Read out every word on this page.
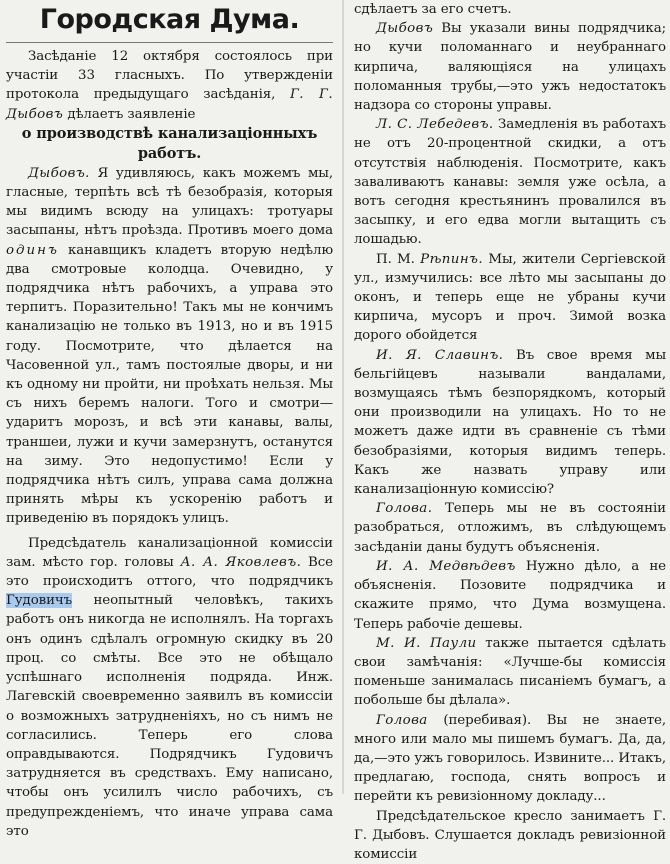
Городская Дума.

Засѣданіе 12 октября состоялось при участіи 33 гласныхъ. По утвержденіи протокола предыдущаго засѣданія, Г. Г. Дыбовъ дѣлаетъ заявленіе

о производствѣ канализаціонныхъ работъ.

Дыбовъ. Я удивляюсь, какъ можемъ мы, гласные, терпѣть всѣ тѣ безобразія, которыя мы видимъ всюду на улицахъ: тротуары засыпаны, нѣтъ проѣзда. Противъ моего дома одинъ канавщикъ кладетъ вторую недѣлю два смотровые колодца. Очевидно, у подрядчика нѣтъ рабочихъ, а управа это терпитъ. Поразительно! Такъ мы не кончимъ канализацію не только въ 1913, но и въ 1915 году. Посмотрите, что дѣлается на Часовенной ул., тамъ постоялые дворы, и ни къ одному ни пройти, ни проѣхать нельзя. Мы съ нихъ беремъ налоги. Того и смотри—ударитъ морозъ, и всѣ эти канавы, валы, траншеи, лужи и кучи замерзнутъ, останутся на зиму. Это недопустимо! Если у подрядчика нѣтъ силъ, управа сама должна принять мѣры къ ускоренію работъ и приведенію въ порядокъ улицъ.

Предсѣдатель канализаціонной комиссіи зам. мѣсто гор. головы А. А. Яковлевъ. Все это происходитъ оттого, что подрядчикъ Гудовичъ неопытный человѣкъ, такихъ работъ онъ никогда не исполнялъ. На торгахъ онъ одинъ сдѣлалъ огромную скидку въ 20 проц. со смѣты. Все это не обѣщало успѣшнаго исполненія подряда. Инж. Лагевскій своевременно заявилъ въ комиссіи о возможныхъ затрудненіяхъ, но съ нимъ не согласились. Теперь его слова оправдываются. Подрядчикъ Гудовичъ затрудняется въ средствахъ. Ему написано, чтобы онъ усилилъ число рабочихъ, съ предупрежденіемъ, что иначе управа сама это

сдѣлаетъ за его счетъ.

Дыбовъ Вы указали вины подрядчика; но кучи поломаннаго и неубраннаго кирпича, валяющіяся на улицахъ поломанныя трубы,—это ужъ недостатокъ надзора со стороны управы.

Л. С. Лебедевъ. Замедленія въ работахъ не отъ 20-процентной скидки, а отъ отсутствія наблюденія. Посмотрите, какъ заваливаютъ канавы: земля уже осѣла, а вотъ сегодня крестьянинъ провалился въ засыпку, и его едва могли вытащить съ лошадью.

П. М. Рѣпинъ. Мы, жители Сергіевской ул., измучились: все лѣто мы засыпаны до оконъ, и теперь еще не убраны кучи кирпича, мусоръ и проч. Зимой возка дорого обойдется

И. Я. Славинъ. Въ свое время мы бельгійцевъ называли вандалами, возмущаясь тѣмъ безпорядкомъ, который они производили на улицахъ. Но то не можетъ даже идти въ сравненіе съ тѣми безобразіями, которыя видимъ теперь. Какъ же назвать управу или канализаціонную комиссію?

Голова. Теперь мы не въ состояніи разобраться, отложимъ, въ слѣдующемъ засѣданіи даны будутъ объясненія.

И. А. Медвѣдевъ Нужно дѣло, а не объясненія. Позовите подрядчика и скажите прямо, что Дума возмущена. Теперь рабочіе дешевы.

М. И. Паули также пытается сдѣлать свои замѣчанія: «Лучше-бы комиссія поменьше занималась писаніемъ бумагъ, а побольше бы дѣлала».

Голова (перебивая). Вы не знаете, много или мало мы пишемъ бумагъ. Да, да, да,—это ужъ говорилось. Извините... Итакъ, предлагаю, господа, снять вопросъ и перейти къ ревизіонному докладу...

Предсѣдательское кресло занимаетъ Г. Г. Дыбовъ. Слушается докладъ ревизіонной комиссіи
